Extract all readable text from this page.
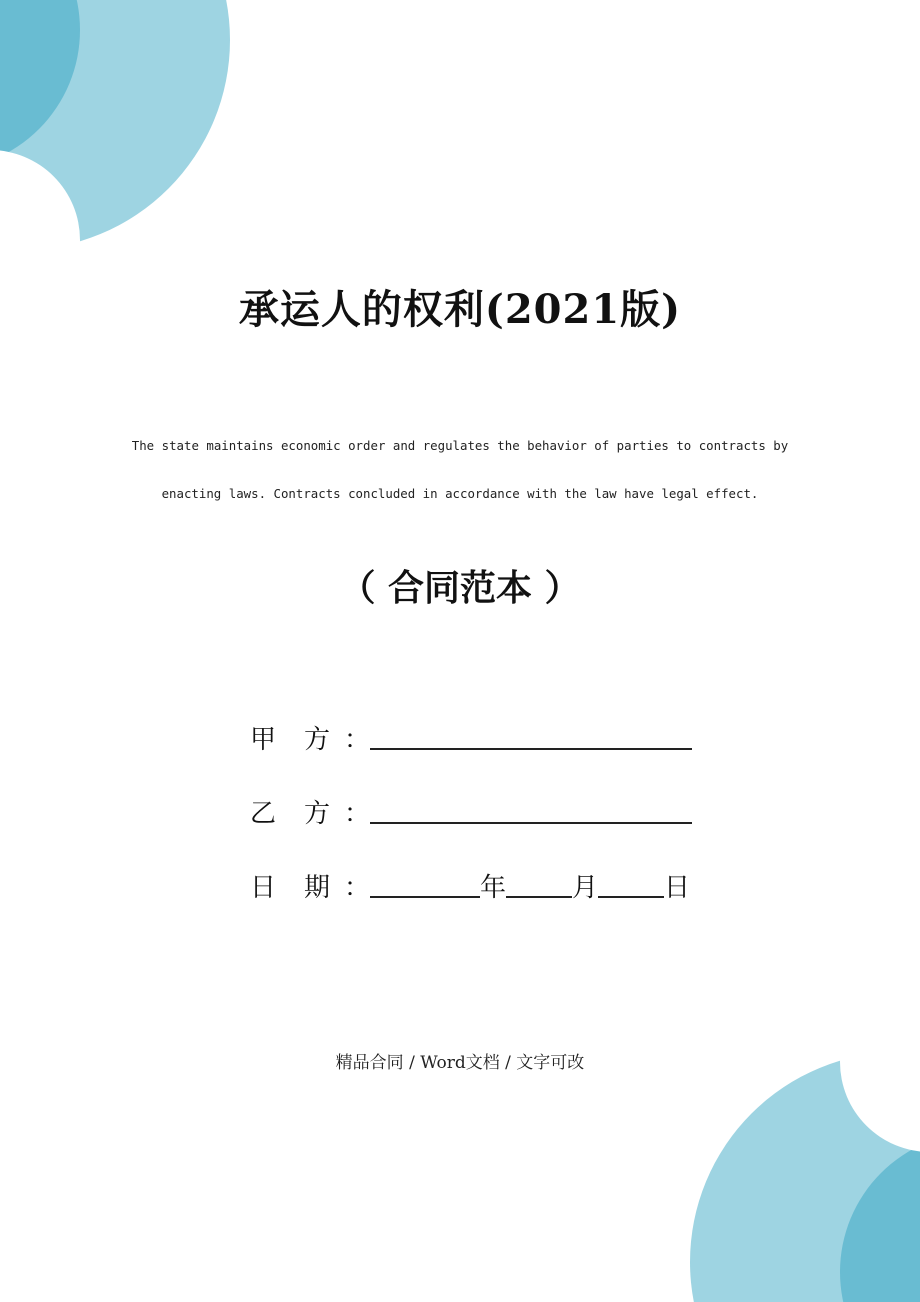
承运人的权利(2021版)
The state maintains economic order and regulates the behavior of parties to contracts by
enacting laws. Contracts concluded in accordance with the law have legal effect.
（ 合同范本 ）
甲	方 ：
乙	方 ：
日	期 ：	年	月	日
精品合同 / Word文档 / 文字可改
